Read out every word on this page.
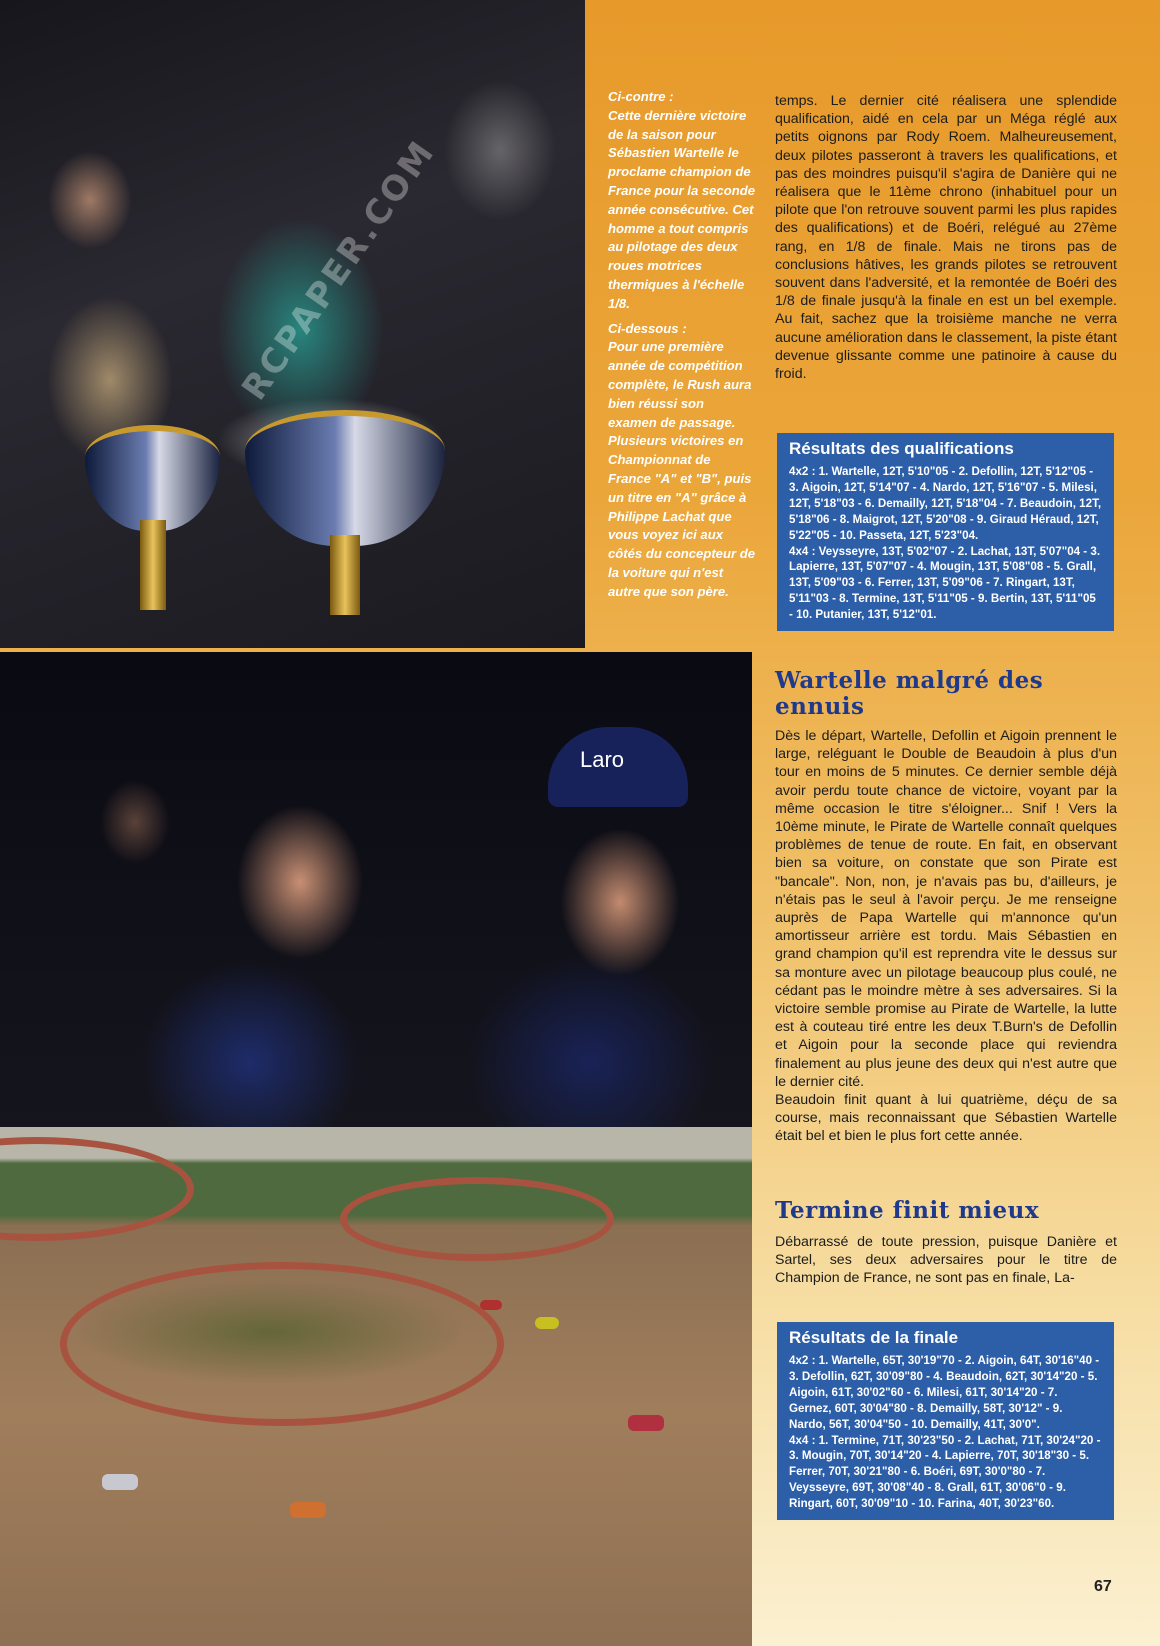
RCPAPER.COM

Ci-contre :
Cette dernière victoire de la saison pour Sébastien Wartelle le proclame champion de France pour la seconde année consécutive. Cet homme a tout compris au pilotage des deux roues motrices thermiques à l'échelle 1/8.

Ci-dessous :
Pour une première année de compétition complète, le Rush aura bien réussi son examen de passage. Plusieurs victoires en Championnat de France "A" et "B", puis un titre en "A" grâce à Philippe Lachat que vous voyez ici aux côtés du concepteur de la voiture qui n'est autre que son père.

temps. Le dernier cité réalisera une splendide qualification, aidé en cela par un Méga réglé aux petits oignons par Rody Roem. Malheureusement, deux pilotes passeront à travers les qualifications, et pas des moindres puisqu'il s'agira de Danière qui ne réalisera que le 11ème chrono (inhabituel pour un pilote que l'on retrouve souvent parmi les plus rapides des qualifications) et de Boéri, relégué au 27ème rang, en 1/8 de finale. Mais ne tirons pas de conclusions hâtives, les grands pilotes se retrouvent souvent dans l'adversité, et la remontée de Boéri des 1/8 de finale jusqu'à la finale en est un bel exemple. Au fait, sachez que la troisième manche ne verra aucune amélioration dans le classement, la piste étant devenue glissante comme une patinoire à cause du froid.

Résultats des qualifications

4x2 : 1. Wartelle, 12T, 5'10"05 - 2. Defollin, 12T, 5'12"05 - 3. Aigoin, 12T, 5'14"07 - 4. Nardo, 12T, 5'16"07 - 5. Milesi, 12T, 5'18"03 - 6. Demailly, 12T, 5'18"04 - 7. Beaudoin, 12T, 5'18"06 - 8. Maigrot, 12T, 5'20"08 - 9. Giraud Héraud, 12T, 5'22"05 - 10. Passeta, 12T, 5'23"04.

4x4 : Veysseyre, 13T, 5'02"07 - 2. Lachat, 13T, 5'07"04 - 3. Lapierre, 13T, 5'07"07 - 4. Mougin, 13T, 5'08"08 - 5. Grall, 13T, 5'09"03 - 6. Ferrer, 13T, 5'09"06 - 7. Ringart, 13T, 5'11"03 - 8. Termine, 13T, 5'11"05 - 9. Bertin, 13T, 5'11"05 - 10. Putanier, 13T, 5'12"01.

Laro
Wartelle malgré des ennuis

Dès le départ, Wartelle, Defollin et Aigoin prennent le large, reléguant le Double de Beaudoin à plus d'un tour en moins de 5 minutes. Ce dernier semble déjà avoir perdu toute chance de victoire, voyant par la même occasion le titre s'éloigner... Snif ! Vers la 10ème minute, le Pirate de Wartelle connaît quelques problèmes de tenue de route. En fait, en observant bien sa voiture, on constate que son Pirate est "bancale". Non, non, je n'avais pas bu, d'ailleurs, je n'étais pas le seul à l'avoir perçu. Je me renseigne auprès de Papa Wartelle qui m'annonce qu'un amortisseur arrière est tordu. Mais Sébastien en grand champion qu'il est reprendra vite le dessus sur sa monture avec un pilotage beaucoup plus coulé, ne cédant pas le moindre mètre à ses adversaires. Si la victoire semble promise au Pirate de Wartelle, la lutte est à couteau tiré entre les deux T.Burn's de Defollin et Aigoin pour la seconde place qui reviendra finalement au plus jeune des deux qui n'est autre que le dernier cité.

Beaudoin finit quant à lui quatrième, déçu de sa course, mais reconnaissant que Sébastien Wartelle était bel et bien le plus fort cette année.

Termine finit mieux

Débarrassé de toute pression, puisque Danière et Sartel, ses deux adversaires pour le titre de Champion de France, ne sont pas en finale, La-

Résultats de la finale

4x2 : 1. Wartelle, 65T, 30'19"70 - 2. Aigoin, 64T, 30'16"40 - 3. Defollin, 62T, 30'09"80 - 4. Beaudoin, 62T, 30'14"20 - 5. Aigoin, 61T, 30'02"60 - 6. Milesi, 61T, 30'14"20 - 7. Gernez, 60T, 30'04"80 - 8. Demailly, 58T, 30'12" - 9. Nardo, 56T, 30'04"50 - 10. Demailly, 41T, 30'0".

4x4 : 1. Termine, 71T, 30'23"50 - 2. Lachat, 71T, 30'24"20 - 3. Mougin, 70T, 30'14"20 - 4. Lapierre, 70T, 30'18"30 - 5. Ferrer, 70T, 30'21"80 - 6. Boéri, 69T, 30'0"80 - 7. Veysseyre, 69T, 30'08"40 - 8. Grall, 61T, 30'06"0 - 9. Ringart, 60T, 30'09"10 - 10. Farina, 40T, 30'23"60.

67
